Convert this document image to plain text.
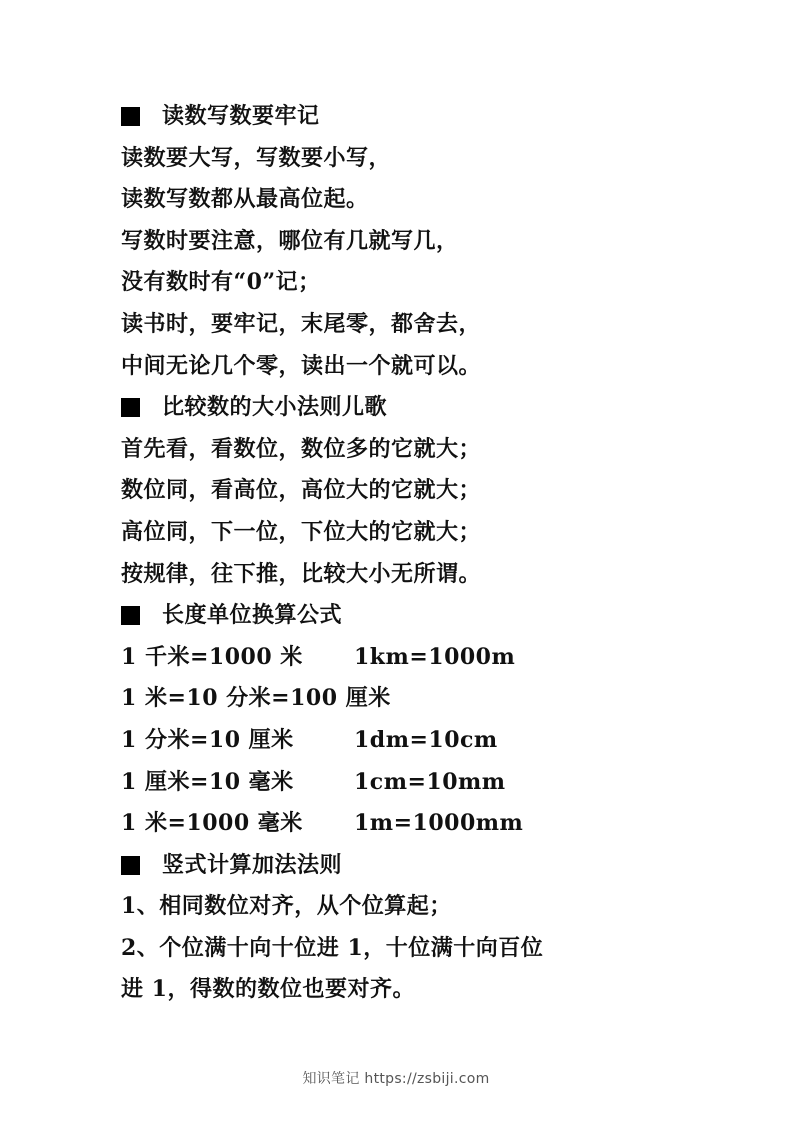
读数写数要牢记
读数要大写，写数要小写，
读数写数都从最高位起。
写数时要注意，哪位有几就写几，
没有数时有“0”记；
读书时，要牢记，末尾零，都舍去，
中间无论几个零，读出一个就可以。
比较数的大小法则儿歌
首先看，看数位，数位多的它就大；
数位同，看高位，高位大的它就大；
高位同，下一位，下位大的它就大；
按规律，往下推，比较大小无所谓。
长度单位换算公式
1 千米=1000 米 1km=1000m
1 米=10 分米=100 厘米
1 分米=10 厘米	1dm=10cm
1 厘米=10 毫米	1cm=10mm
1 米=1000 毫米 1m=1000mm
竖式计算加法法则
1、相同数位对齐，从个位算起；
2、个位满十向十位进 1，十位满十向百位
进 1，得数的数位也要对齐。
知识笔记 https://zsbiji.com
